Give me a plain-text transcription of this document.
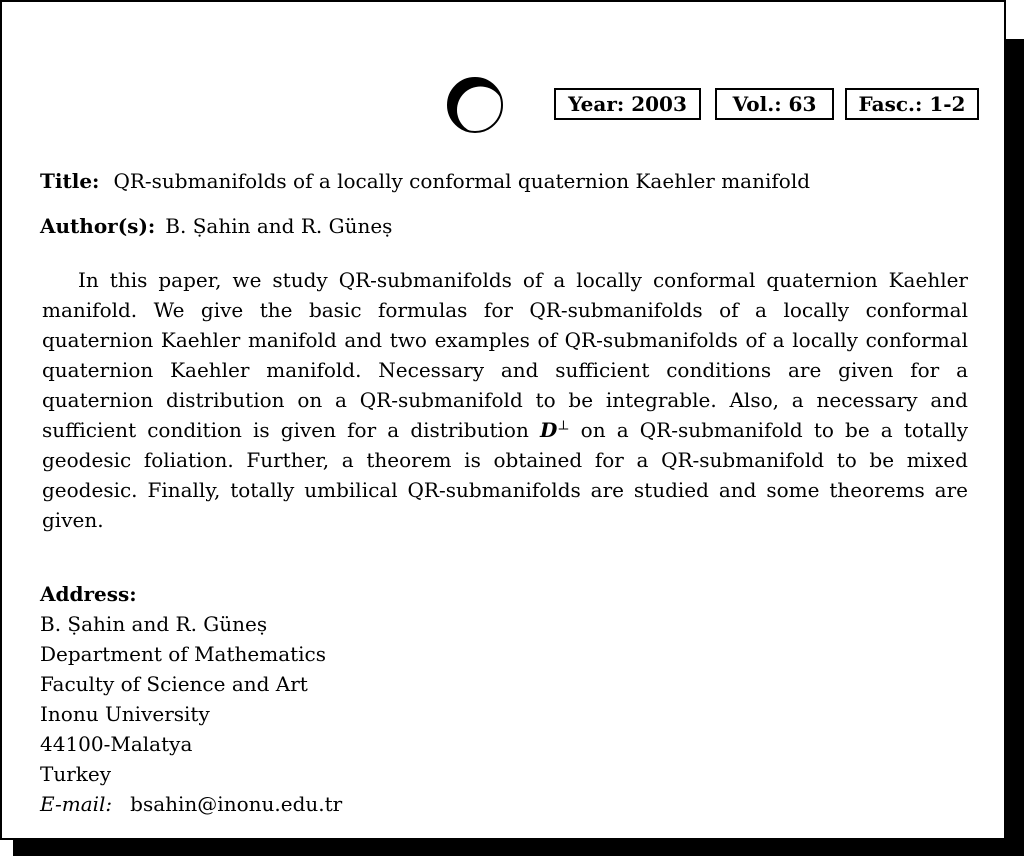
Year: 2003 Vol.: 63 Fasc.: 1-2
Title: QR-submanifolds of a locally conformal quaternion Kaehler manifold
Author(s): B. Ṣahin and R. Güneṣ
In this paper, we study QR-submanifolds of a locally conformal quaternion Kaehler manifold. We give the basic formulas for QR-submanifolds of a locally conformal quaternion Kaehler manifold and two examples of QR-submanifolds of a locally conformal quaternion Kaehler manifold. Necessary and sufficient conditions are given for a quaternion distribution on a QR-submanifold to be integrable. Also, a necessary and sufficient condition is given for a distribution D⊥ on a QR-submanifold to be a totally geodesic foliation. Further, a theorem is obtained for a QR-submanifold to be mixed geodesic. Finally, totally umbilical QR-submanifolds are studied and some theorems are given.
Address:
B. Ṣahin and R. Güneṣ
Department of Mathematics
Faculty of Science and Art
Inonu University
44100-Malatya
Turkey
E-mail: bsahin@inonu.edu.tr
